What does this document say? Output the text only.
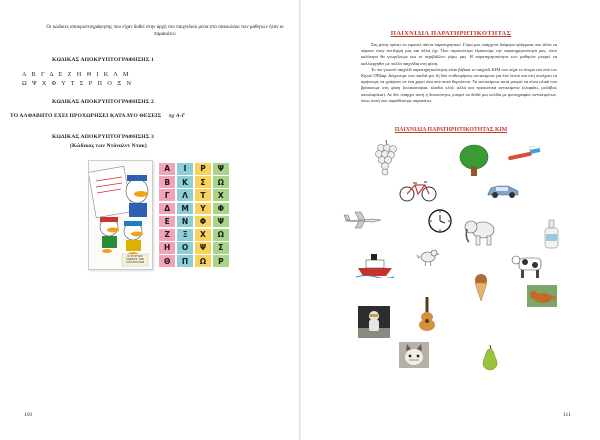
Οι κώδικες αποκρυπτογράφησης που είχαν δοθεί στην αρχή του παιχνιδιού μέσα στο σακουλάκι των μαθητών ήταν οι παρακάτω:
ΚΩΔΙΚΑΣ ΑΠΟΚΡΥΠΤΟΓΡΑΦΗΣΗΣ 1
Α Β Γ Δ Ε Ζ Η Θ Ι Κ Λ Μ
Ω Ψ Χ Φ Υ Τ Σ Ρ Π Ο Ξ Ν
ΚΩΔΙΚΑΣ ΑΠΟΚΡΥΠΤΟΓΡΑΦΗΣΗΣ 2
ΤΟ ΑΛΦΑΒΗΤΟ ΕΧΕΙ ΠΡΟΧΩΡΗΣΕΙ ΚΑΤΑ ΔΥΟ ΘΕΣΕΙΣ πχ Α-Γ
ΚΩΔΙΚΑΣ ΑΠΟΚΡΥΠΤΟΓΡΑΦΗΣΗΣ 3
(Κώδικας των Ντόναλντ Ντακ)
ΟΙ ΜΥΣΤΙΚΟΙ ΚΩΔΙΚΕΣ ΤΩΝ ΛΥΚΟΠΟΥΛΩΝ
Α	Ι	Ρ	Ψ
Β	Κ	Σ	Ω
Γ	Λ	Τ	Χ
Δ	Μ	Υ	Φ
Ε	Ν	Φ	Ψ
Ζ	Ξ	Χ	Ω
Η	Ο	Ψ	Σ
Θ	Π	Ω	Ρ
110
ΠΑΙΧΝΙΔΙΑ ΠΑΡΑΤΗΡΗΤΙΚΟΤΗΤΑΣ

Στη φύση πρέπει να είμαστε πάντα παρατηρητικοί. Γύρω μας υπάρχουν διάφορα πράγματα που άλλα να πάρουν στην αντίληψή μας και άλλα όχι. Όσο περισσότερο εξασκούμε την παρατηρητικότητά μας, τόσο καλύτερα θα γνωρίζουμε και το περιβάλλον γύρω μας. Η παρατηρητικότητα των μαθητών μπορεί να καλλιεργηθεί με πολλά παιχνίδια στη φύση.
Το πιο γνωστό παιχνίδι παρατηρητικότητας είναι βέβαια το παιχνίδι ΚΙΜ που πήρε το όνομά του από τον Κίμπλ ΟΈβαρ. Δείχνουμε στα παιδιά για 1ή δύο επιθεωρήσεις αντικείμενα για ένα λεπτό και στη συνέχεια τα αφήνουμε να γράψουν σε ένα χαρτί όσα από αυτά θυμούνται. Τα αντικείμενα αυτά μπορεί να είναι υλικά που βρίσκουμε στη φύση (κουκουνάρια, κλαδιά κλπ), αλλά και προσωπικά αντικείμενα (ελαφάκι, μολύβια, σκουλαρίκια). Αν δεν υπάρχει αυτή η δυνατότητα, μπορεί να δοθεί μια σελίδα με φωτογραφίες αντικειμένων, όπως αυτή που παραθέτουμε παρακάτω.

ΠΑΙΧΝΙΔΙΑ ΠΑΡΑΤΗΡΗΤΙΚΟΤΗΤΑΣ ΚΙΜ
111
